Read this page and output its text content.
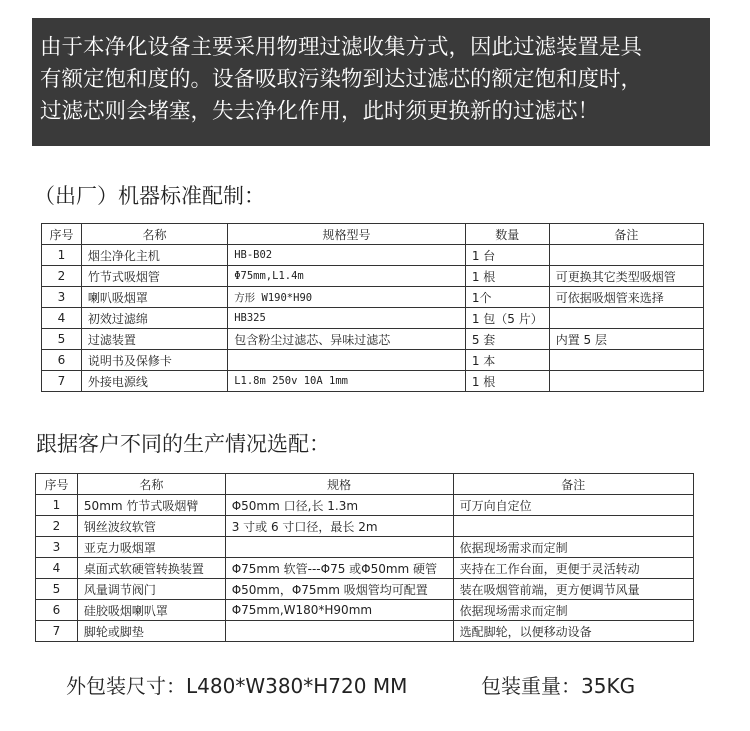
由于本净化设备主要采用物理过滤收集方式，因此过滤装置是具

有额定饱和度的。设备吸取污染物到达过滤芯的额定饱和度时，

过滤芯则会堵塞，失去净化作用，此时须更换新的过滤芯！

（出厂）机器标准配制：
序号	名称	规格型号	数量	备注
1	烟尘净化主机	HB-B02	1 台	
2	竹节式吸烟管	Φ75mm,L1.4m	1 根	可更换其它类型吸烟管
3	喇叭吸烟罩	方形 W190*H90	1个	可依据吸烟管来选择
4	初效过滤绵	HB325	1 包（5 片）	
5	过滤装置	包含粉尘过滤芯、异味过滤芯	5 套	内置 5 层
6	说明书及保修卡		1 本	
7	外接电源线	L1.8m 250v 10A 1mm	1 根	
跟据客户不同的生产情况选配：
序号	名称	规格	备注
1	50mm 竹节式吸烟臂	Φ50mm 口径,长 1.3m	可万向自定位
2	钢丝波纹软管	3 寸或 6 寸口径，最长 2m	
3	亚克力吸烟罩		依据现场需求而定制
4	桌面式软硬管转换装置	Φ75mm 软管---Φ75 或Φ50mm 硬管	夹持在工作台面，更便于灵活转动
5	风量调节阀门	Φ50mm，Φ75mm 吸烟管均可配置	装在吸烟管前端，更方便调节风量
6	硅胶吸烟喇叭罩	Φ75mm,W180*H90mm	依据现场需求而定制
7	脚轮或脚垫		选配脚轮，以便移动设备
外包装尺寸：L480*W380*H720 MM	包装重量：35KG
